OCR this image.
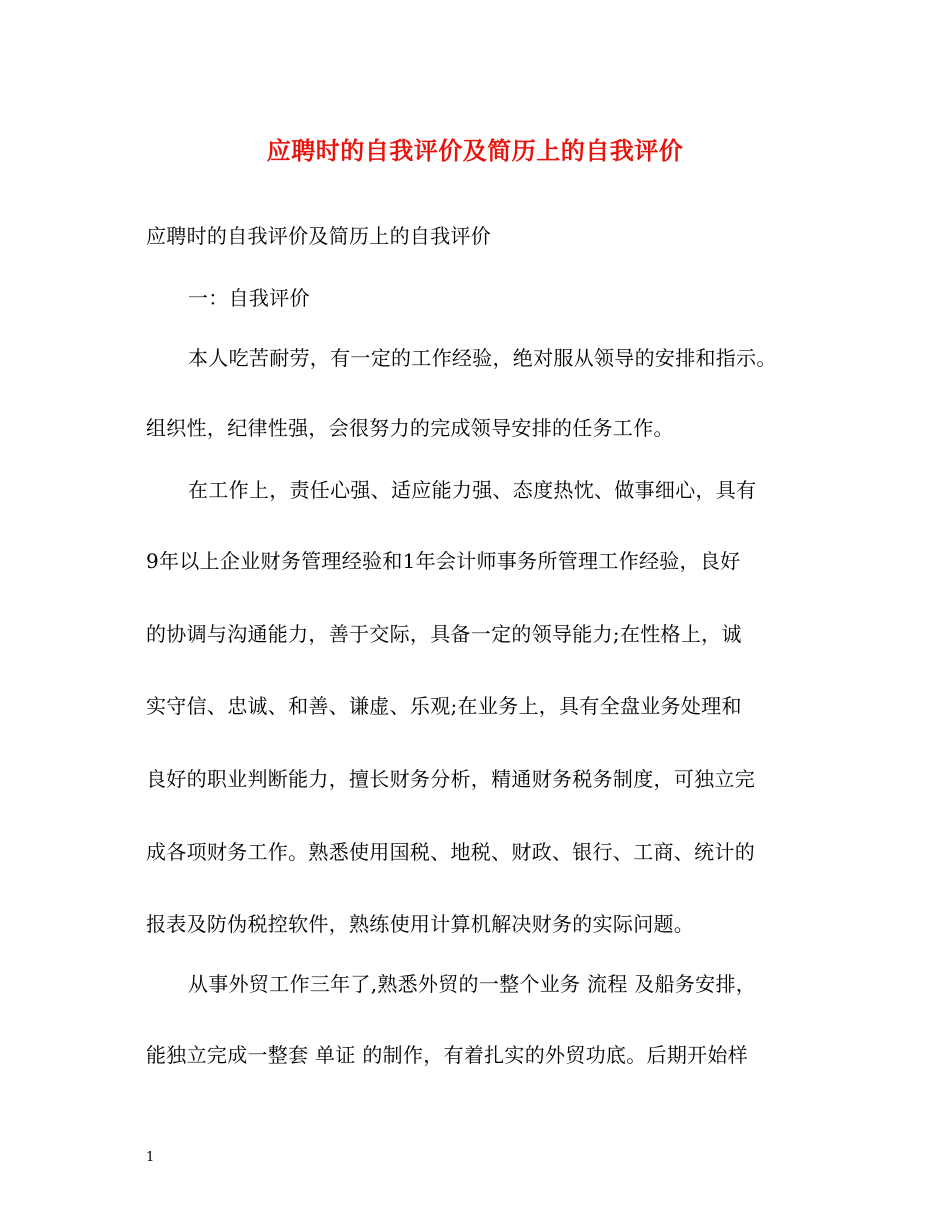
应聘时的自我评价及简历上的自我评价
应聘时的自我评价及简历上的自我评价
一：自我评价
本人吃苦耐劳，有一定的工作经验，绝对服从领导的安排和指示。
组织性，纪律性强，会很努力的完成领导安排的任务工作。
在工作上，责任心强、适应能力强、态度热忱、做事细心，具有
9年以上企业财务管理经验和1年会计师事务所管理工作经验，良好
的协调与沟通能力，善于交际，具备一定的领导能力;在性格上，诚
实守信、忠诚、和善、谦虚、乐观;在业务上，具有全盘业务处理和
良好的职业判断能力，擅长财务分析，精通财务税务制度，可独立完
成各项财务工作。熟悉使用国税、地税、财政、银行、工商、统计的
报表及防伪税控软件，熟练使用计算机解决财务的实际问题。
从事外贸工作三年了,熟悉外贸的一整个业务 流程 及船务安排，
能独立完成一整套 单证 的制作，有着扎实的外贸功底。后期开始样
1
